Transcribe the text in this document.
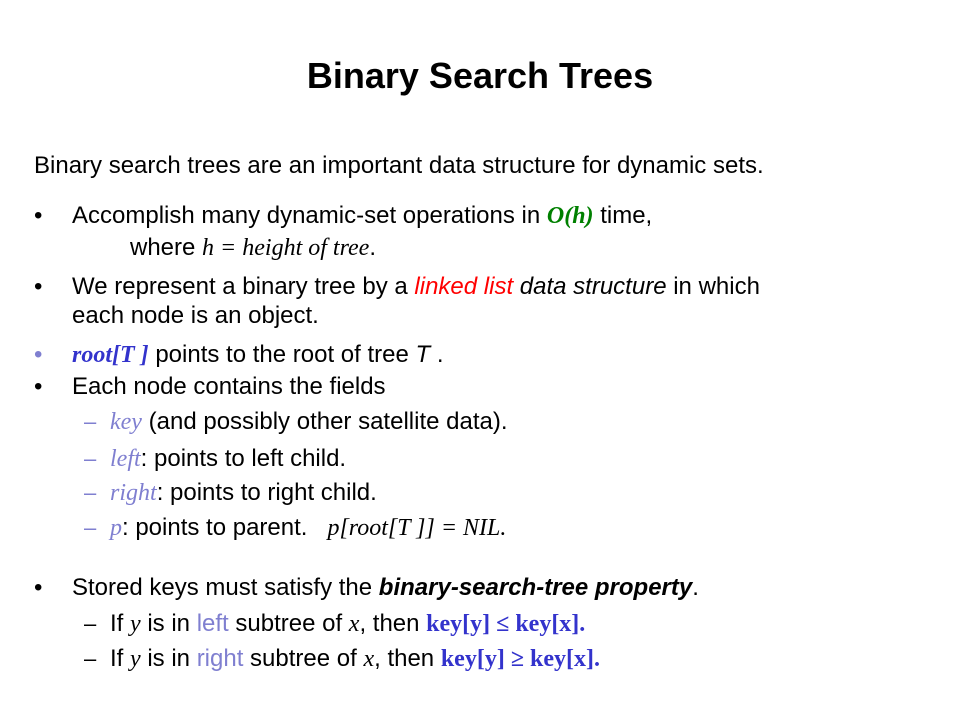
Binary Search Trees
Binary search trees are an important data structure for dynamic sets.
• Accomplish many dynamic-set operations in O(h) time,
where h = height of tree.
• We represent a binary tree by a linked list data structure in which
each node is an object.
• root[T ] points to the root of tree T .
• Each node contains the fields
– key (and possibly other satellite data).
– left: points to left child.
– right: points to right child.
– p: points to parent. p[root[T ]] = NIL.
• Stored keys must satisfy the binary-search-tree property.
– If y is in left subtree of x, then key[y] ≤ key[x].
– If y is in right subtree of x, then key[y] ≥ key[x].
